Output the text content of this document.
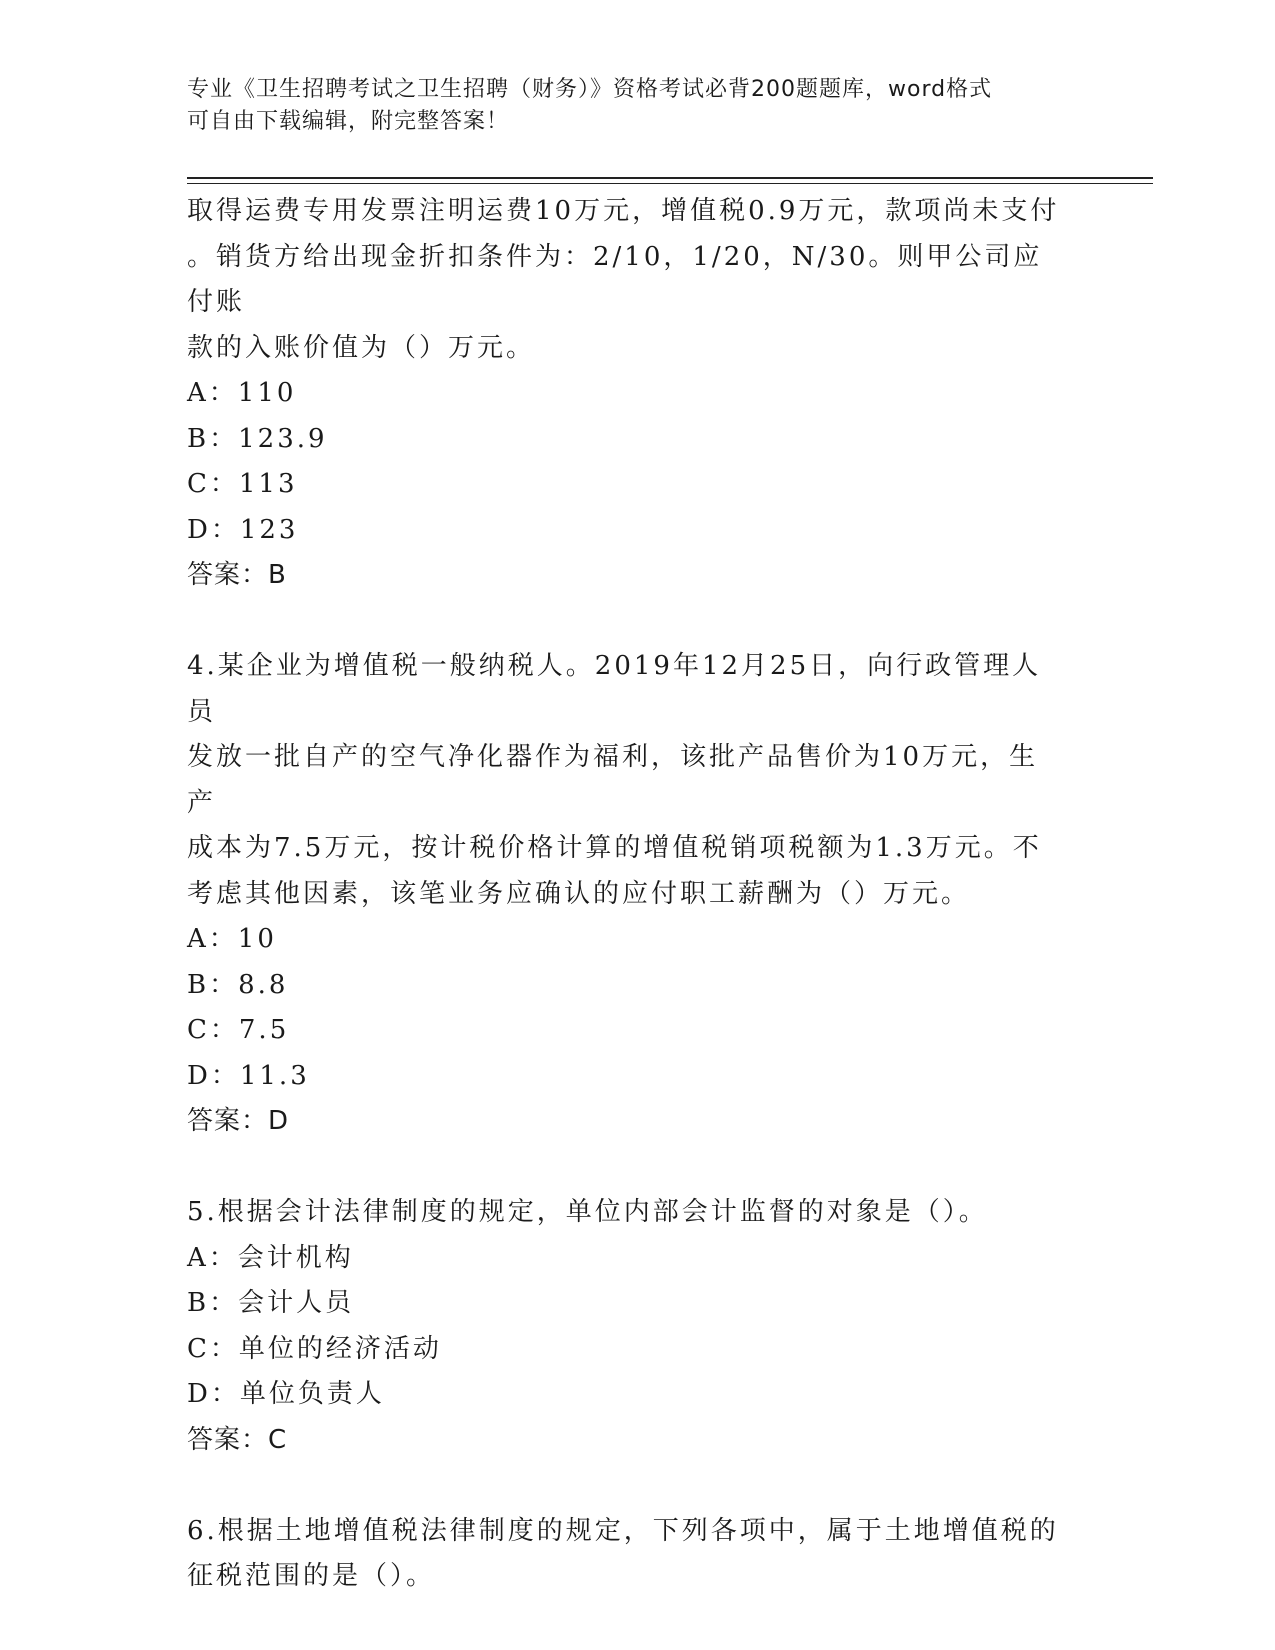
专业《卫生招聘考试之卫生招聘（财务）》资格考试必背200题题库，word格式
可自由下载编辑，附完整答案！

取得运费专用发票注明运费10万元，增值税0.9万元，款项尚未支付

。销货方给出现金折扣条件为：2/10，1/20，N/30。则甲公司应付账

款的入账价值为（）万元。

A：110

B：123.9

C：113

D：123

答案：B

4.某企业为增值税一般纳税人。2019年12月25日，向行政管理人员

发放一批自产的空气净化器作为福利，该批产品售价为10万元，生产

成本为7.5万元，按计税价格计算的增值税销项税额为1.3万元。不

考虑其他因素，该笔业务应确认的应付职工薪酬为（）万元。

A：10

B：8.8

C：7.5

D：11.3

答案：D

5.根据会计法律制度的规定，单位内部会计监督的对象是（）。

A：会计机构

B：会计人员

C：单位的经济活动

D：单位负责人

答案：C

6.根据土地增值税法律制度的规定，下列各项中，属于土地增值税的

征税范围的是（）。
